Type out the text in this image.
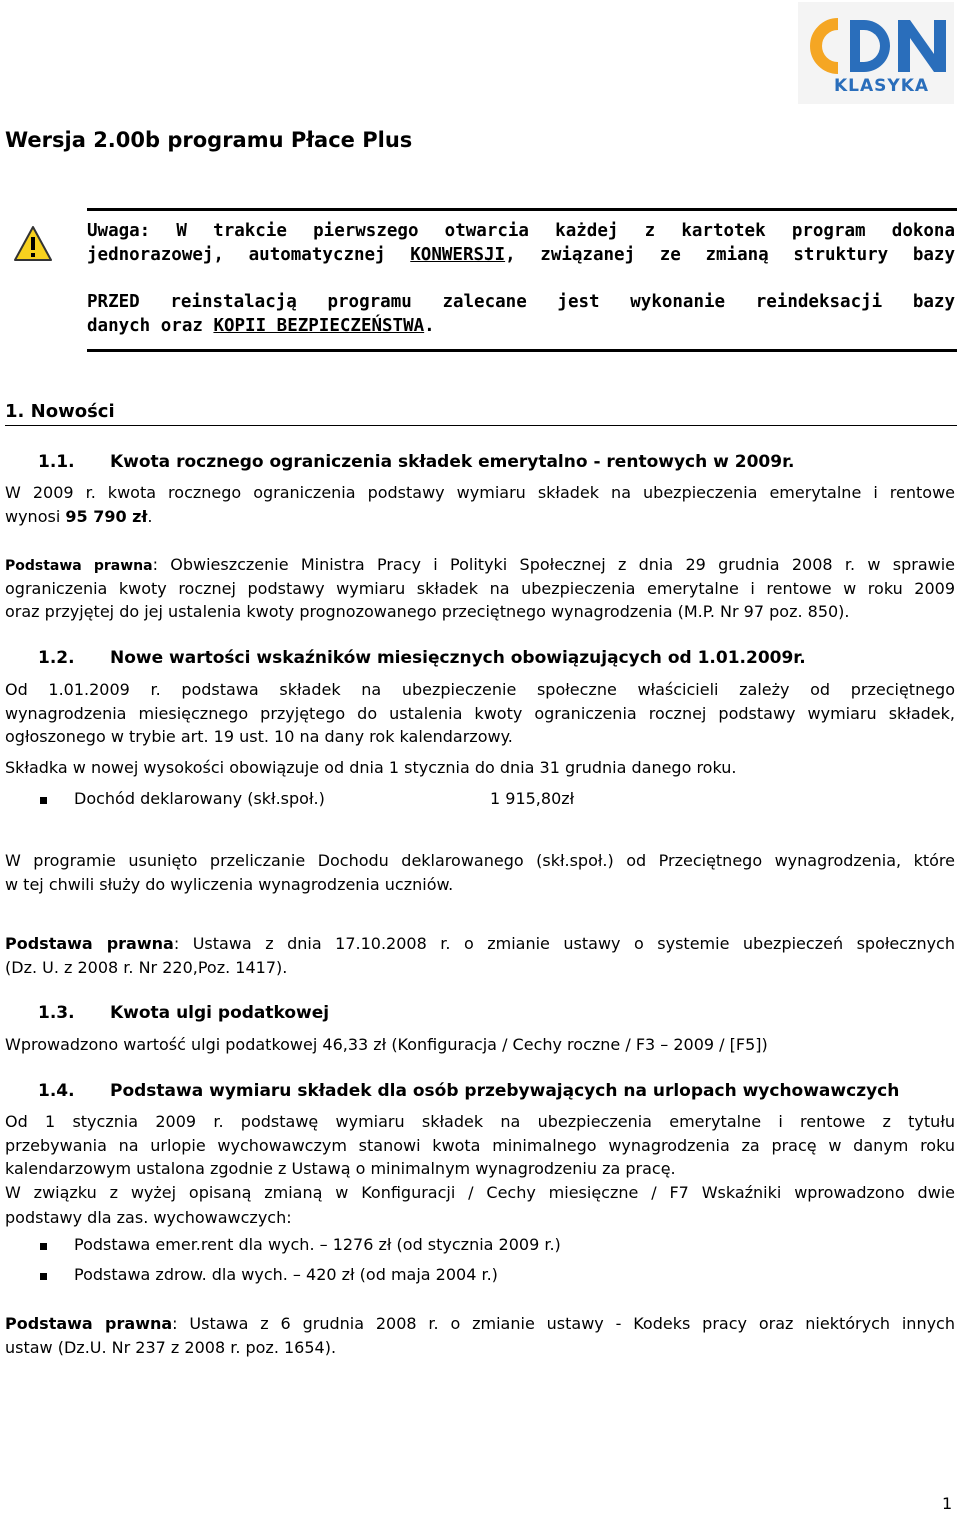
KLASYKA
Wersja 2.00b programu Płace Plus
Uwaga: W trakcie pierwszego otwarcia każdej z kartotek program dokona
jednorazowej, automatycznej KONWERSJI, związanej ze zmianą struktury bazy
PRZED reinstalacją programu zalecane jest wykonanie reindeksacji bazy
danych oraz KOPII BEZPIECZEŃSTWA.
1. Nowości
1.1. Kwota rocznego ograniczenia składek emerytalno - rentowych w 2009r.
W 2009 r. kwota rocznego ograniczenia podstawy wymiaru składek na ubezpieczenia emerytalne i rentowe
wynosi 95 790 zł.
Podstawa prawna: Obwieszczenie Ministra Pracy i Polityki Społecznej z dnia 29 grudnia 2008 r. w sprawie
ograniczenia kwoty rocznej podstawy wymiaru składek na ubezpieczenia emerytalne i rentowe w roku 2009
oraz przyjętej do jej ustalenia kwoty prognozowanego przeciętnego wynagrodzenia (M.P. Nr 97 poz. 850).
1.2. Nowe wartości wskaźników miesięcznych obowiązujących od 1.01.2009r.
Od 1.01.2009 r. podstawa składek na ubezpieczenie społeczne właścicieli zależy od przeciętnego
wynagrodzenia miesięcznego przyjętego do ustalenia kwoty ograniczenia rocznej podstawy wymiaru składek,
ogłoszonego w trybie art. 19 ust. 10 na dany rok kalendarzowy.
Składka w nowej wysokości obowiązuje od dnia 1 stycznia do dnia 31 grudnia danego roku.
Dochód deklarowany (skł.społ.)	1 915,80zł
W programie usunięto przeliczanie Dochodu deklarowanego (skł.społ.) od Przeciętnego wynagrodzenia, które
w tej chwili służy do wyliczenia wynagrodzenia uczniów.
Podstawa prawna: Ustawa z dnia 17.10.2008 r. o zmianie ustawy o systemie ubezpieczeń społecznych
(Dz. U. z 2008 r. Nr 220,Poz. 1417).
1.3. Kwota ulgi podatkowej
Wprowadzono wartość ulgi podatkowej 46,33 zł (Konfiguracja / Cechy roczne / F3 – 2009 / [F5])
1.4. Podstawa wymiaru składek dla osób przebywających na urlopach wychowawczych
Od 1 stycznia 2009 r. podstawę wymiaru składek na ubezpieczenia emerytalne i rentowe z tytułu
przebywania na urlopie wychowawczym stanowi kwota minimalnego wynagrodzenia za pracę w danym roku
kalendarzowym ustalona zgodnie z Ustawą o minimalnym wynagrodzeniu za pracę.
W związku z wyżej opisaną zmianą w Konfiguracji / Cechy miesięczne / F7 Wskaźniki wprowadzono dwie
podstawy dla zas. wychowawczych:
Podstawa emer.rent dla wych. – 1276 zł (od stycznia 2009 r.)
Podstawa zdrow. dla wych. – 420 zł (od maja 2004 r.)
Podstawa prawna: Ustawa z 6 grudnia 2008 r. o zmianie ustawy - Kodeks pracy oraz niektórych innych
ustaw (Dz.U. Nr 237 z 2008 r. poz. 1654).
1
